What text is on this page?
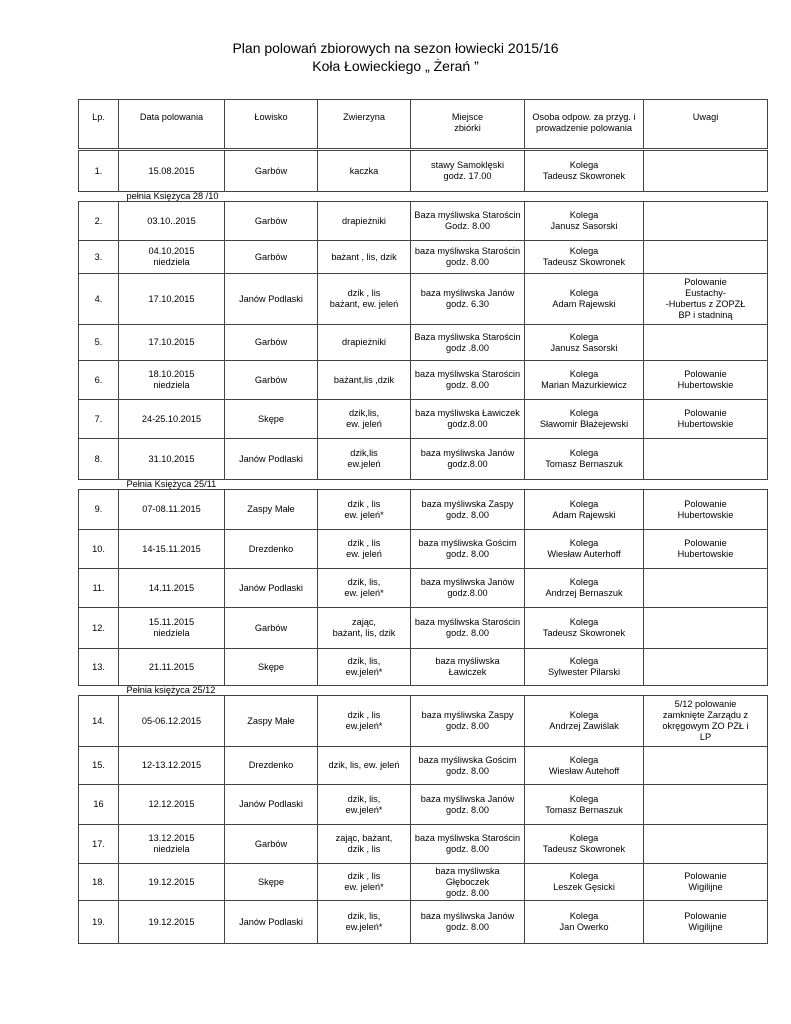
Plan polowań zbiorowych na sezon łowiecki 2015/16
Koła Łowieckiego „ Żerań ”
Lp.	Data polowania	Łowisko	Zwierzyna	Miejsce
zbiórki	Osoba odpow. za przyg. i
prowadzenie polowania	Uwagi

1.	15.08.2015	Garbów	kaczka	stawy Samoklęski
godz. 17.00	Kolega
Tadeusz Skowronek	
pełnia Księżyca 28 /10						
2.	03.10..2015	Garbów	drapieżniki	Baza myśliwska Starościn
Godz. 8.00	Kolega
Janusz Sasorski	
3.	04.10.2015
niedziela	Garbów	bażant , lis, dzik	baza myśliwska Starościn
godz. 8.00	Kolega
Tadeusz Skowronek	
4.	17.10.2015	Janów Podlaski	dzik , lis
bażant, ew. jeleń	baza myśliwska Janów
godz. 6.30	Kolega
Adam Rajewski	Polowanie
Eustachy-
-Hubertus z ZOPZŁ
BP i stadniną
5.	17.10.2015	Garbów	drapieżniki	Baza myśliwska Starościn
godz .8.00	Kolega
Janusz Sasorski	
6.	18.10.2015
niedziela	Garbów	bażant,lis ,dzik	baza myśliwska Starościn
godz. 8.00	Kolega
Marian Mazurkiewicz	Polowanie
Hubertowskie
7.	24-25.10.2015	Skępe	dzik,lis,
ew. jeleń	baza myśliwska Ławiczek
godz.8.00	Kolega
Sławomir Błażejewski	Polowanie
Hubertowskie
8.	31.10.2015	Janów Podlaski	dzik,lis
ew.jeleń	baza myśliwska Janów
godz.8.00	Kolega
Tomasz Bernaszuk	
Pełnia Księżyca 25/11						
9.	07-08.11.2015	Zaspy Małe	dzik , lis
ew. jeleń*	baza myśliwska Zaspy
godz. 8.00	Kolega
Adam Rajewski	Polowanie
Hubertowskie
10.	14-15.11.2015	Drezdenko	dzik , lis
ew. jeleń	baza myśliwska Gościm
godz. 8.00	Kolega
Wiesław Auterhoff	Polowanie
Hubertowskie
11.	14.11.2015	Janów Podlaski	dzik, lis,
ew. jeleń*	baza myśliwska Janów
godz.8.00	Kolega
Andrzej Bernaszuk	
12.	15.11.2015
niedziela	Garbów	zając,
bażant, lis, dzik	baza myśliwska Starościn
godz. 8.00	Kolega
Tadeusz Skowronek	
13.	21.11.2015	Skępe	dzik, lis,
ew.jeleń*	baza myśliwska
Ławiczek	Kolega
Sylwester Pilarski	
Pełnia księżyca 25/12						
14.	05-06.12.2015	Zaspy Małe	dzik , lis
ew.jeleń*	baza myśliwska Zaspy
godz. 8.00	Kolega
Andrzej Zawiślak	5/12 polowanie
zamknięte Zarządu z
okręgowym ZO PZŁ i
LP
15.	12-13.12.2015	Drezdenko	dzik, lis, ew. jeleń	baza myśliwska Gościm
godz. 8.00	Kolega
Wiesław Autehoff	
16	12.12.2015	Janów Podlaski	dzik, lis,
ew.jeleń*	baza myśliwska Janów
godz. 8.00	Kolega
Tomasz Bernaszuk	
17.	13.12.2015
niedziela	Garbów	zając, bażant,
dzik , lis	baza myśliwska Starościn
godz. 8.00	Kolega
Tadeusz Skowronek	
18.	19.12.2015	Skępe	dzik , lis
ew. jeleń*	baza myśliwska Głęboczek
godz. 8.00	Kolega
Leszek Gęsicki	Polowanie
Wigilijne
19.	19.12.2015	Janów Podlaski	dzik, lis,
ew.jeleń*	baza myśliwska Janów
godz. 8.00	Kolega
Jan Owerko	Polowanie
Wigilijne
